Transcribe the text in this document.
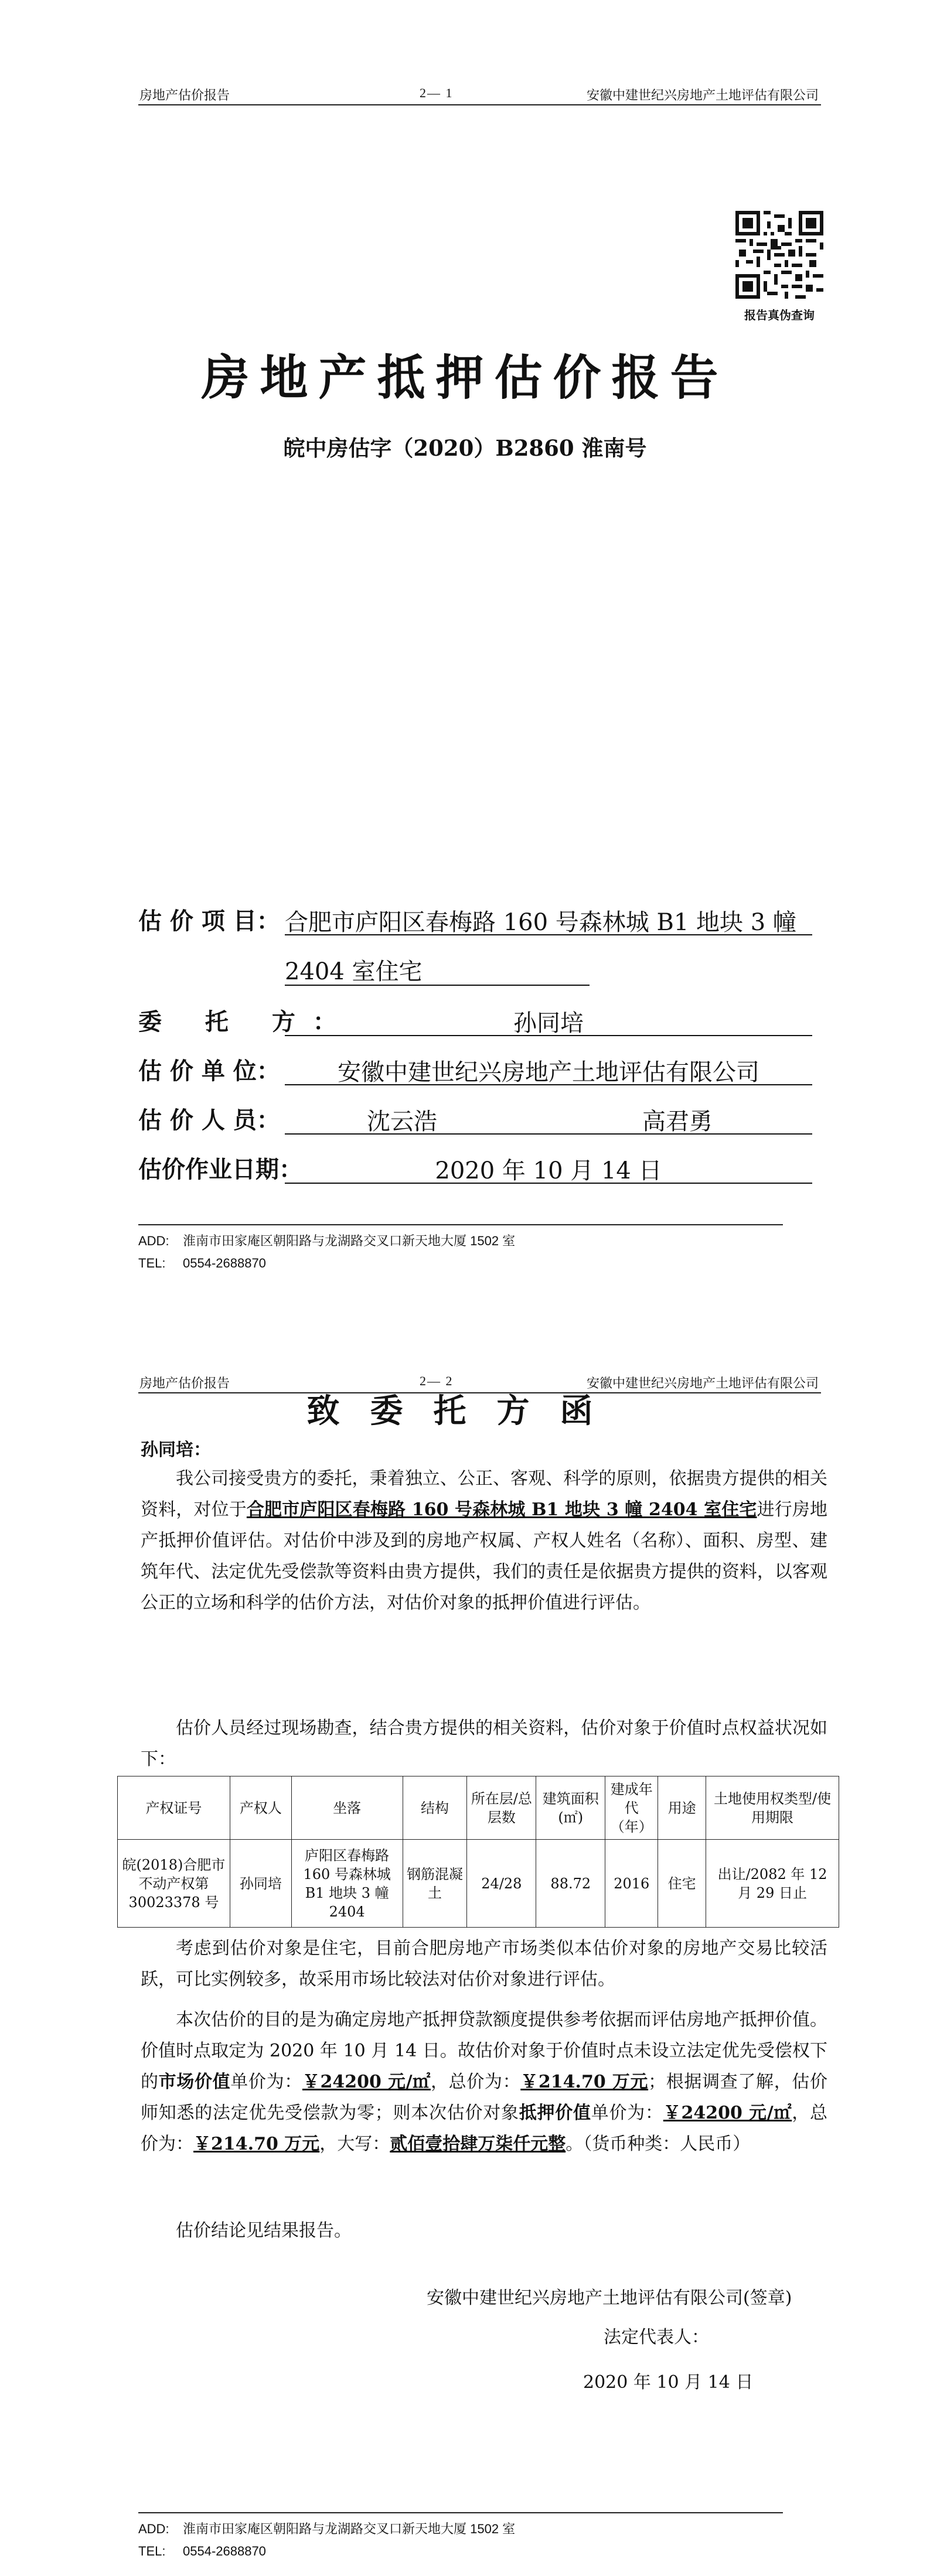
房地产估价报告	2— 1	安徽中建世纪兴房地产土地评估有限公司
报告真伪查询
房地产抵押估价报告
皖中房估字（2020）B2860 淮南号
估 价 项 目： 合肥市庐阳区春梅路 160 号森林城 B1 地块 3 幢
2404 室住宅
委 托 方：	孙同培
估 价 单 位：	安徽中建世纪兴房地产土地评估有限公司
估 价 人 员：	沈云浩	高君勇
估价作业日期：	2020 年 10 月 14 日
ADD: 淮南市田家庵区朝阳路与龙湖路交叉口新天地大厦 1502 室
TEL: 0554-2688870
房地产估价报告	2— 2	安徽中建世纪兴房地产土地评估有限公司
ADD: 淮南市田家庵区朝阳路与龙湖路交叉口新天地大厦 1502 室
TEL: 0554-2688870
致委托方函
孙同培：
我公司接受贵方的委托，秉着独立、公正、客观、科学的原则，依据贵方提供的相关资料，对位于合肥市庐阳区春梅路 160 号森林城 B1 地块 3 幢 2404 室住宅进行房地产抵押价值评估。对估价中涉及到的房地产权属、产权人姓名（名称）、面积、房型、建筑年代、法定优先受偿款等资料由贵方提供，我们的责任是依据贵方提供的资料，以客观公正的立场和科学的估价方法，对估价对象的抵押价值进行评估。
估价人员经过现场勘查，结合贵方提供的相关资料，估价对象于价值时点权益状况如下：
产权证号	产权人	坐落	结构	所在层/总层数	建筑面积(㎡)	建成年代（年）	用途	土地使用权类型/使用期限
皖(2018)合肥市不动产权第 30023378 号	孙同培	庐阳区春梅路 160 号森林城 B1 地块 3 幢 2404	钢筋混凝土	24/28	88.72	2016	住宅	出让/2082 年 12 月 29 日止
考虑到估价对象是住宅，目前合肥房地产市场类似本估价对象的房地产交易比较活跃，可比实例较多，故采用市场比较法对估价对象进行评估。
本次估价的目的是为确定房地产抵押贷款额度提供参考依据而评估房地产抵押价值。价值时点取定为 2020 年 10 月 14 日。故估价对象于价值时点未设立法定优先受偿权下的市场价值单价为：￥24200 元/㎡，总价为：￥214.70 万元；根据调查了解，估价师知悉的法定优先受偿款为零；则本次估价对象抵押价值单价为：￥24200 元/㎡，总价为：￥214.70 万元，大写：贰佰壹拾肆万柒仟元整。（货币种类：人民币）
估价结论见结果报告。
安徽中建世纪兴房地产土地评估有限公司(签章)
法定代表人：
2020 年 10 月 14 日
